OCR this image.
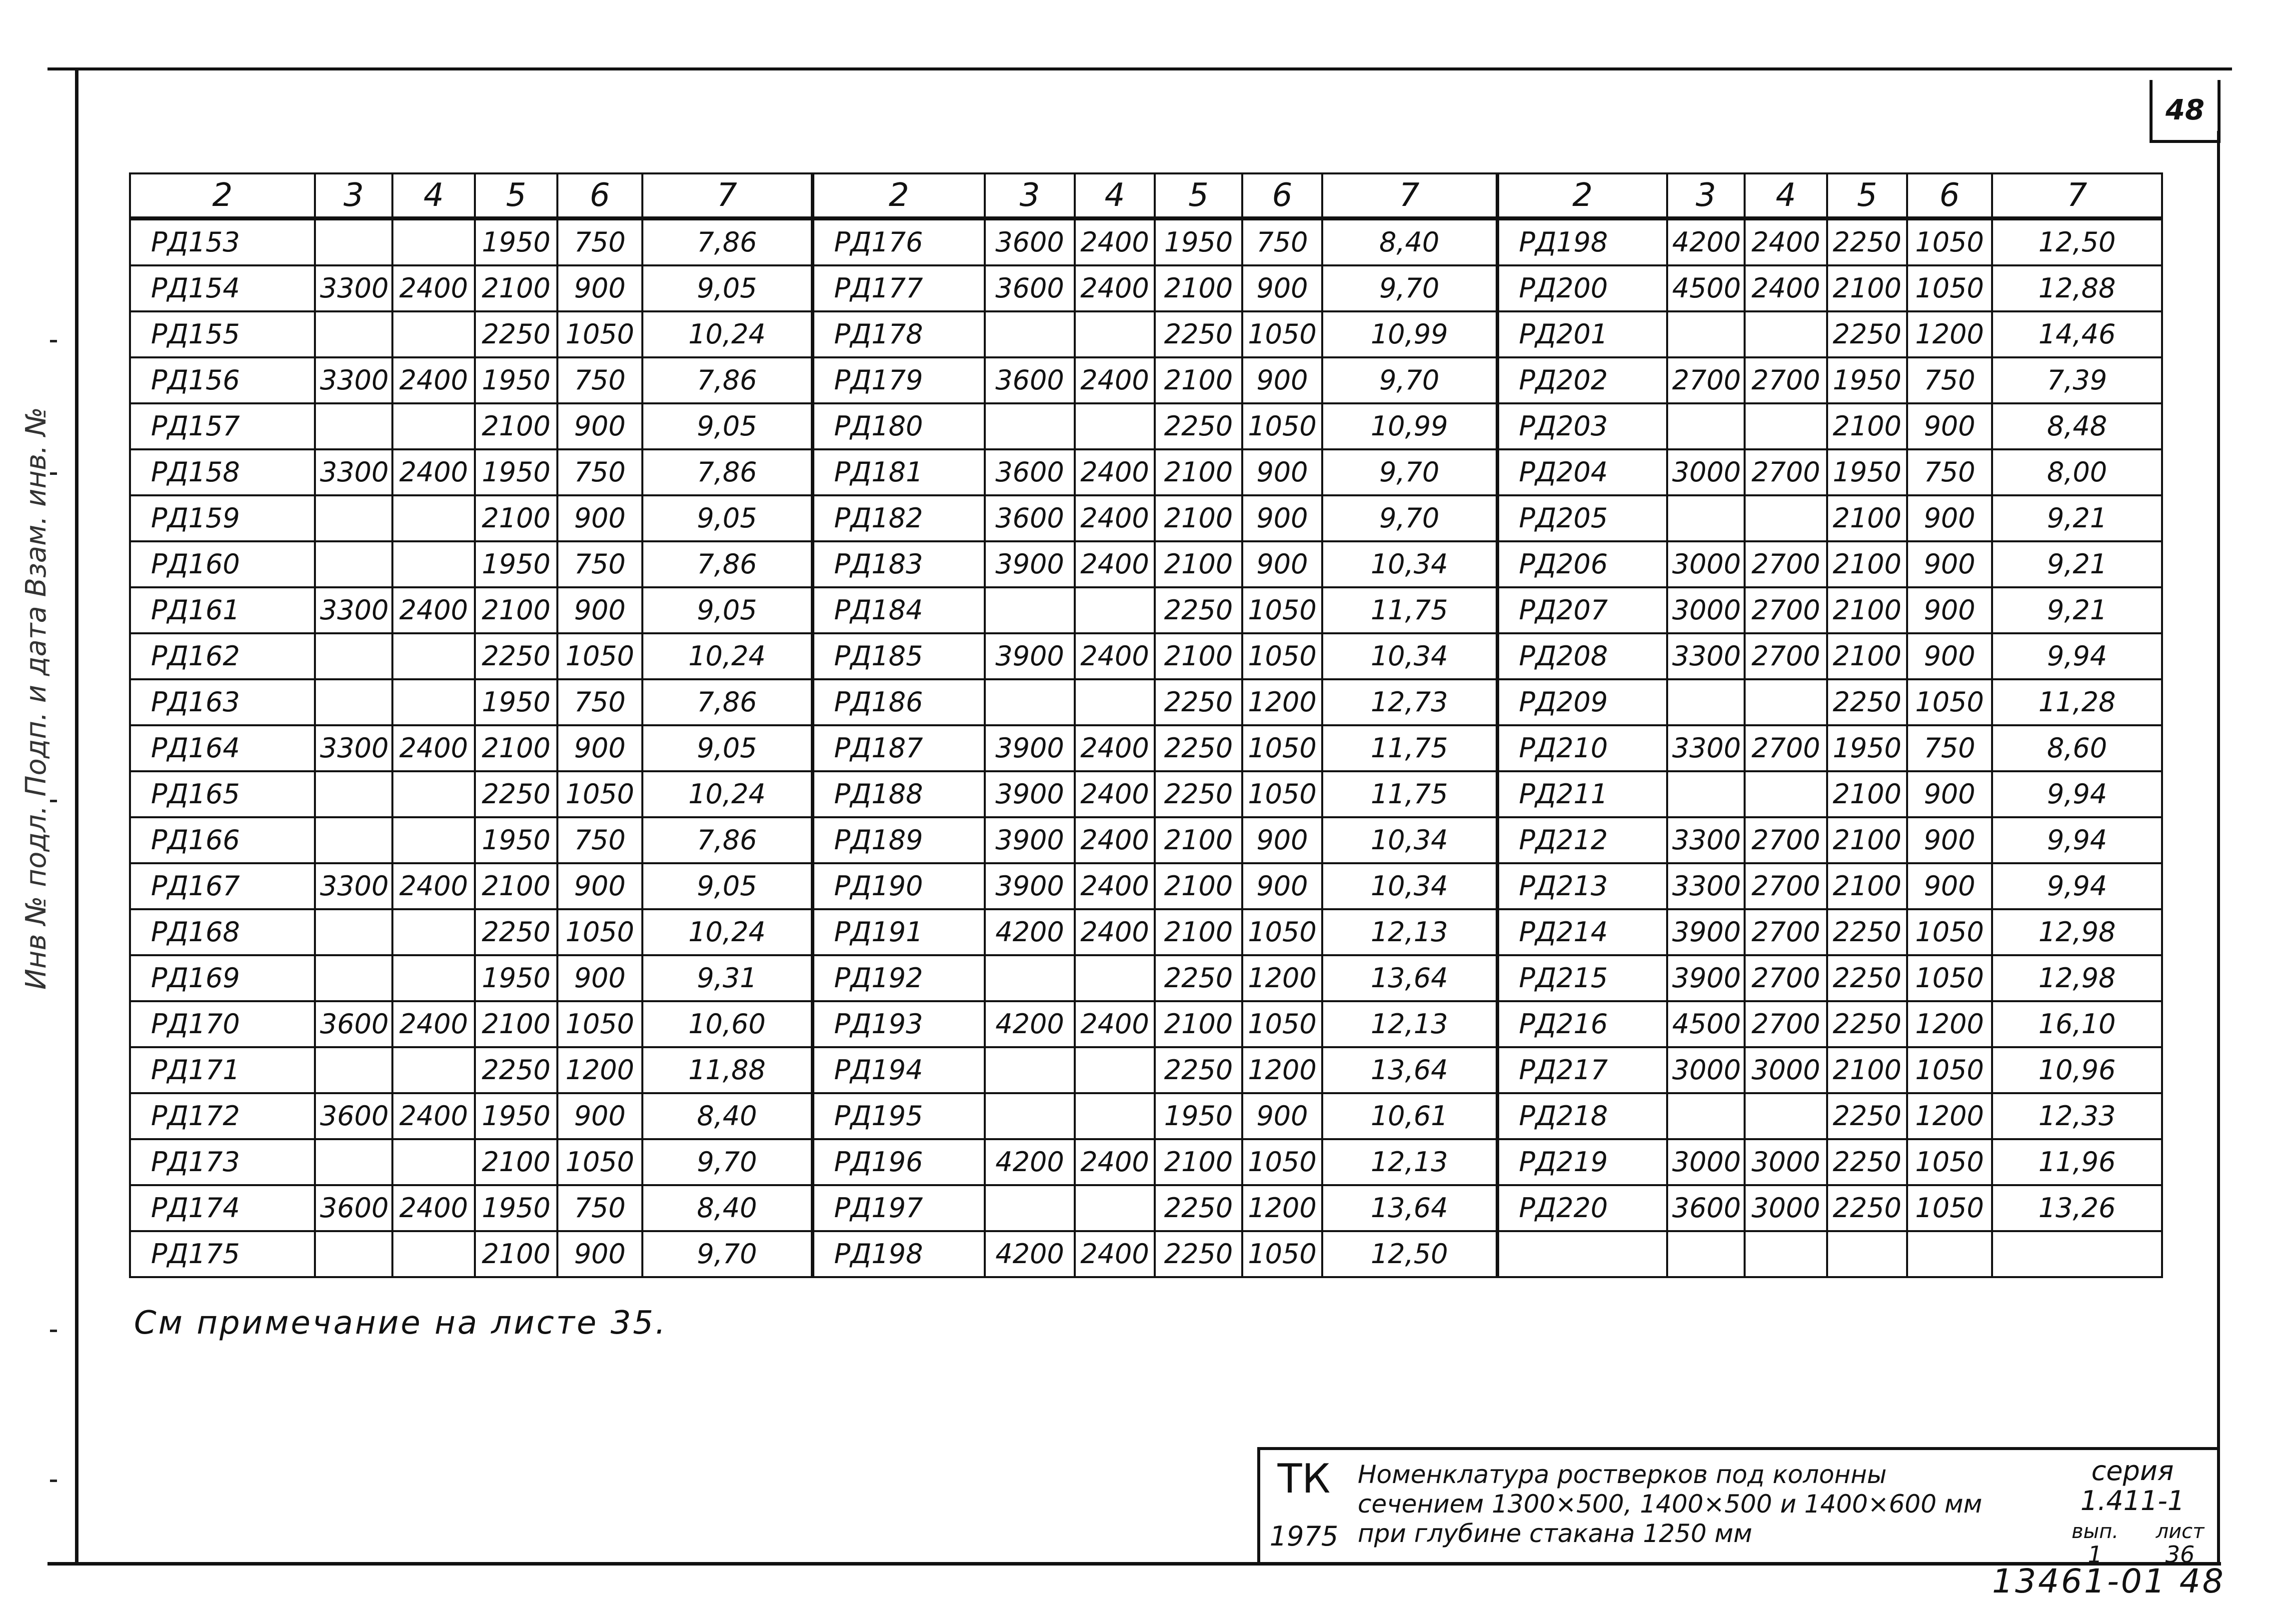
48
Инв № подл. Подп. и дата Взам. инв. №
2	3	4	5	6	7	2	3	4	5	6	7	2	3	4	5	6	7
РД153			1950	750	7,86	РД176	3600	2400	1950	750	8,40	РД198	4200	2400	2250	1050	12,50
РД154	3300	2400	2100	900	9,05	РД177	3600	2400	2100	900	9,70	РД200	4500	2400	2100	1050	12,88
РД155			2250	1050	10,24	РД178			2250	1050	10,99	РД201			2250	1200	14,46
РД156	3300	2400	1950	750	7,86	РД179	3600	2400	2100	900	9,70	РД202	2700	2700	1950	750	7,39
РД157			2100	900	9,05	РД180			2250	1050	10,99	РД203			2100	900	8,48
РД158	3300	2400	1950	750	7,86	РД181	3600	2400	2100	900	9,70	РД204	3000	2700	1950	750	8,00
РД159			2100	900	9,05	РД182	3600	2400	2100	900	9,70	РД205			2100	900	9,21
РД160			1950	750	7,86	РД183	3900	2400	2100	900	10,34	РД206	3000	2700	2100	900	9,21
РД161	3300	2400	2100	900	9,05	РД184			2250	1050	11,75	РД207	3000	2700	2100	900	9,21
РД162			2250	1050	10,24	РД185	3900	2400	2100	1050	10,34	РД208	3300	2700	2100	900	9,94
РД163			1950	750	7,86	РД186			2250	1200	12,73	РД209			2250	1050	11,28
РД164	3300	2400	2100	900	9,05	РД187	3900	2400	2250	1050	11,75	РД210	3300	2700	1950	750	8,60
РД165			2250	1050	10,24	РД188	3900	2400	2250	1050	11,75	РД211			2100	900	9,94
РД166			1950	750	7,86	РД189	3900	2400	2100	900	10,34	РД212	3300	2700	2100	900	9,94
РД167	3300	2400	2100	900	9,05	РД190	3900	2400	2100	900	10,34	РД213	3300	2700	2100	900	9,94
РД168			2250	1050	10,24	РД191	4200	2400	2100	1050	12,13	РД214	3900	2700	2250	1050	12,98
РД169			1950	900	9,31	РД192			2250	1200	13,64	РД215	3900	2700	2250	1050	12,98
РД170	3600	2400	2100	1050	10,60	РД193	4200	2400	2100	1050	12,13	РД216	4500	2700	2250	1200	16,10
РД171			2250	1200	11,88	РД194			2250	1200	13,64	РД217	3000	3000	2100	1050	10,96
РД172	3600	2400	1950	900	8,40	РД195			1950	900	10,61	РД218			2250	1200	12,33
РД173			2100	1050	9,70	РД196	4200	2400	2100	1050	12,13	РД219	3000	3000	2250	1050	11,96
РД174	3600	2400	1950	750	8,40	РД197			2250	1200	13,64	РД220	3600	3000	2250	1050	13,26
РД175			2100	900	9,70	РД198	4200	2400	2250	1050	12,50						
См примечание на листе 35.
ТК
1975
Номенклатура ростверков под колонны
сечением 1300×500, 1400×500 и 1400×600 мм
при глубине стакана 1250 мм
серия
1.411-1
вып.	лист
1	36
13461-01 48
